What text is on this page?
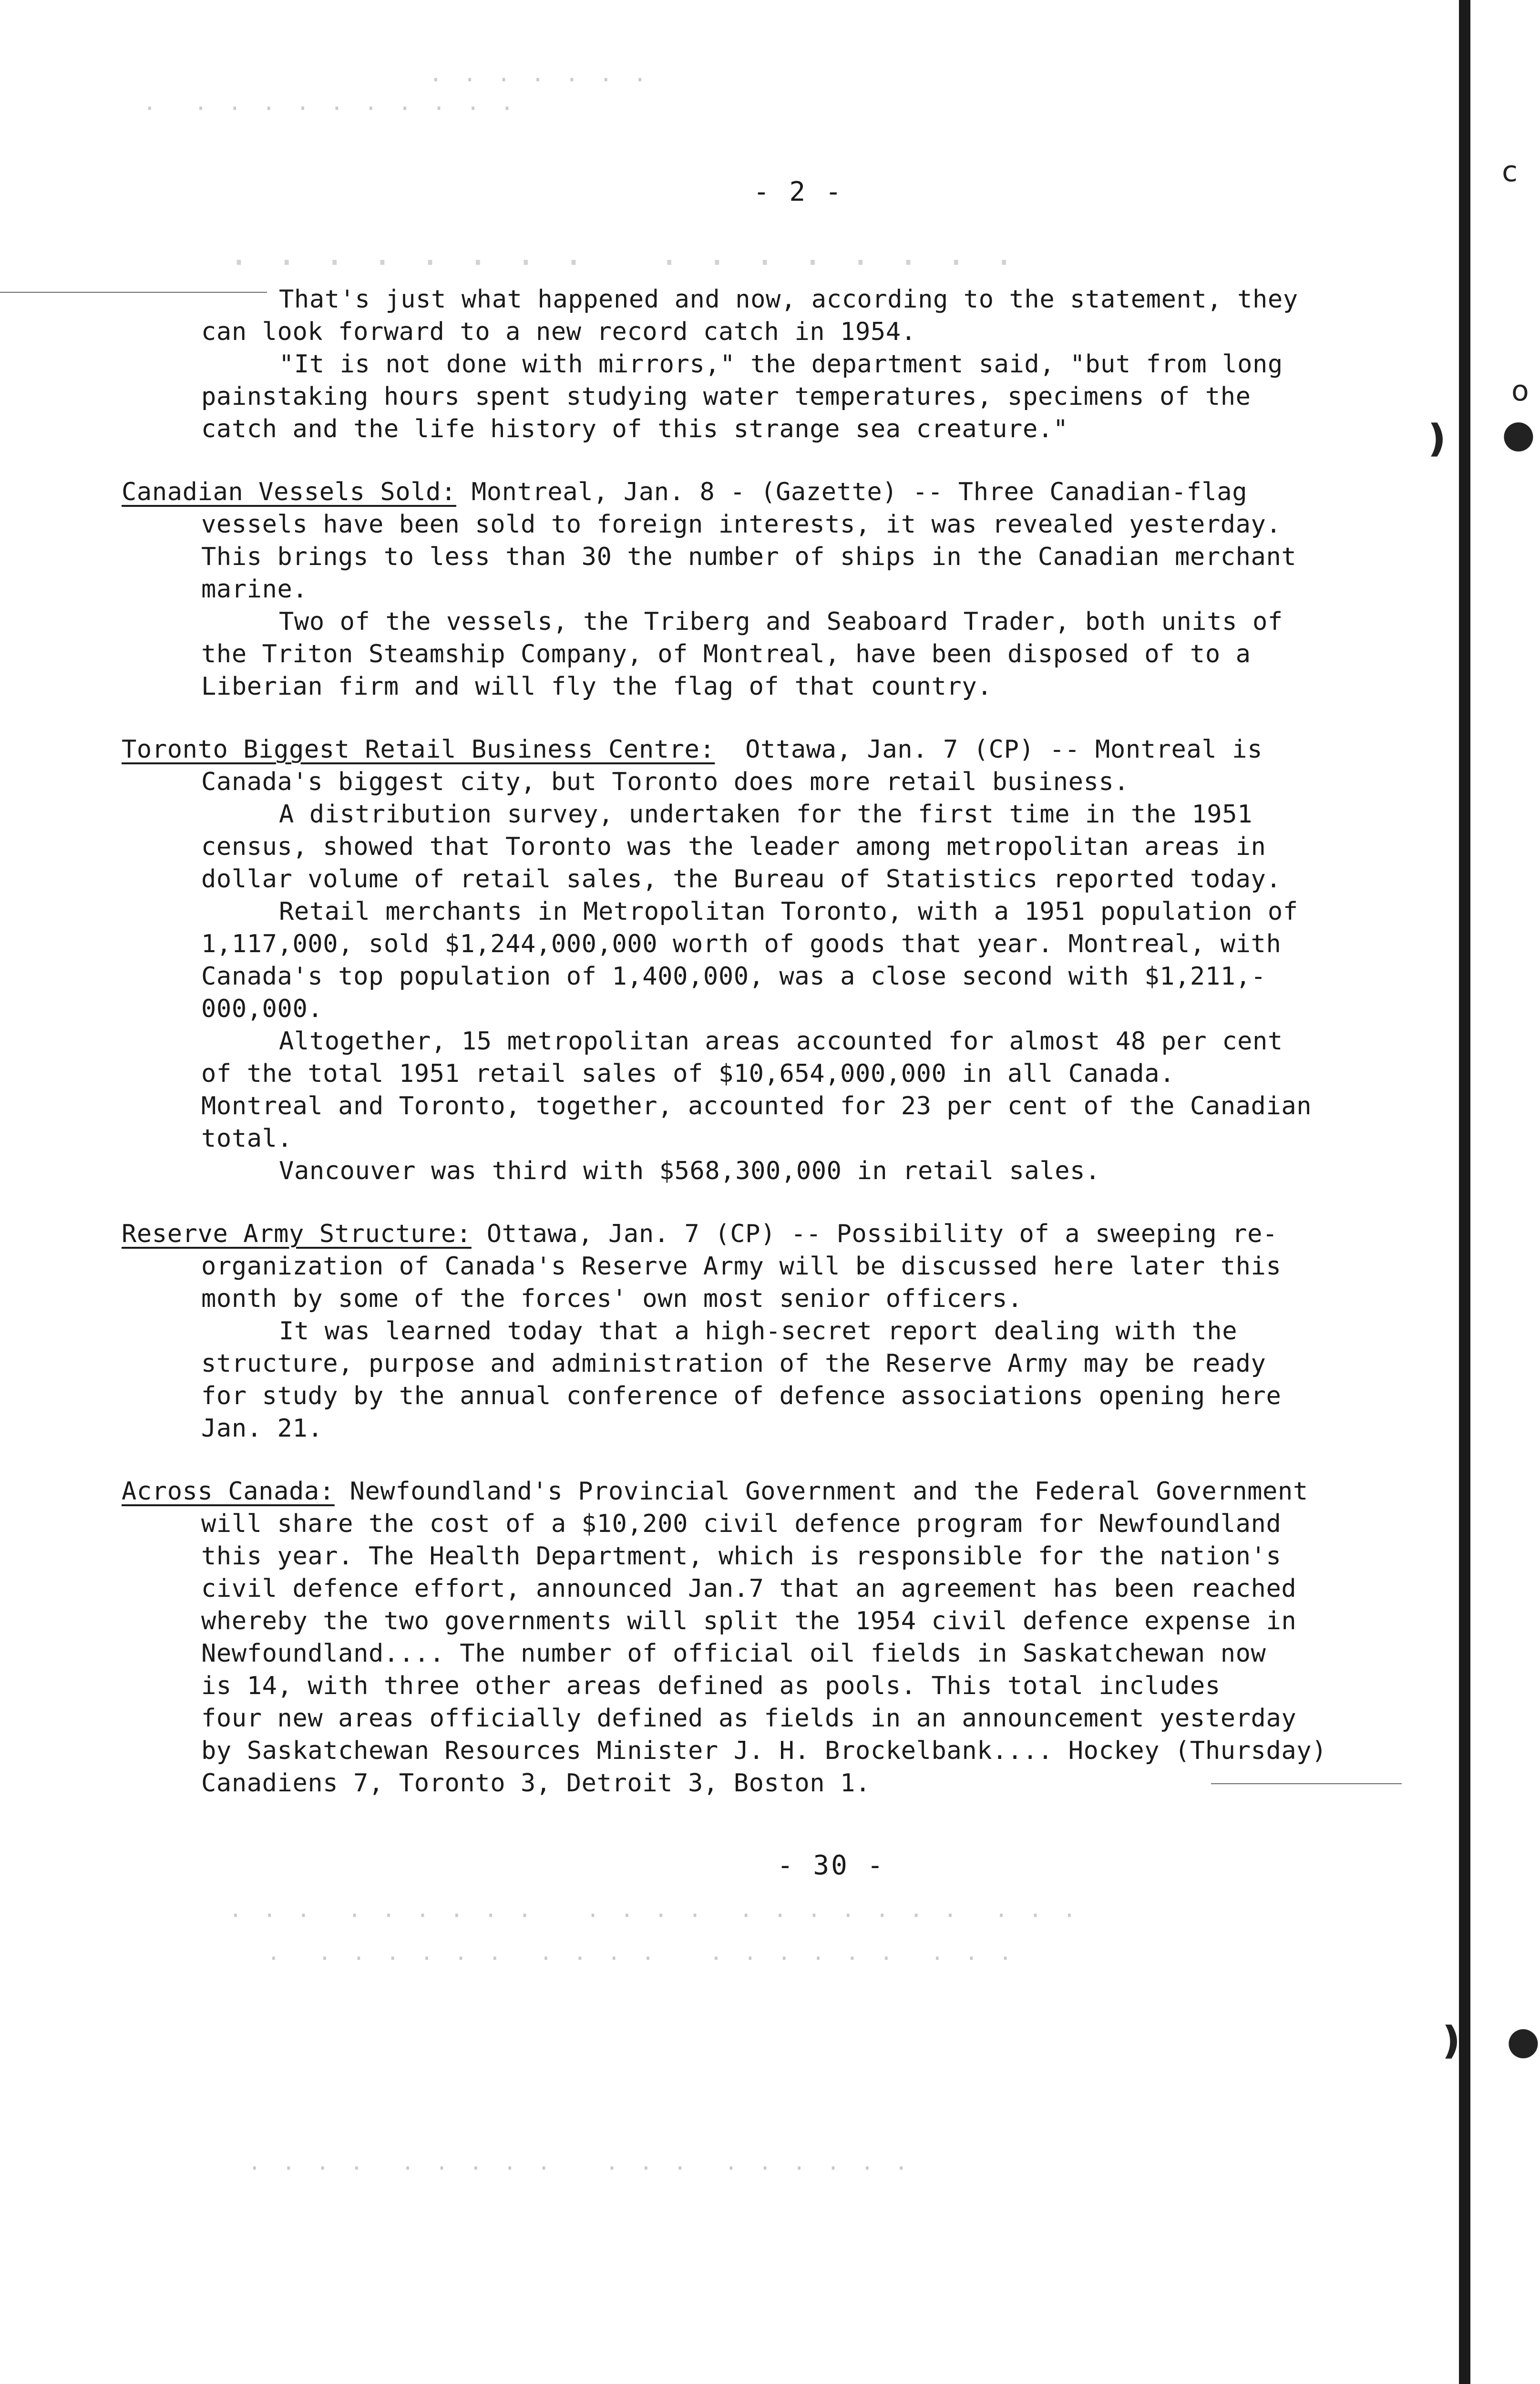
· · · · · · ·
·  · · · · · · · · · ·
· · · · · · · ·   · · · · · · · ·
c
o
❫ ●
❫ ●
- 2 -
That's just what happened and now, according to the statement, they
can look forward to a new record catch in 1954.
"It is not done with mirrors," the department said, "but from long
painstaking hours spent studying water temperatures, specimens of the
catch and the life history of this strange sea creature."
Canadian Vessels Sold: Montreal, Jan. 8 - (Gazette) -- Three Canadian-flag
vessels have been sold to foreign interests, it was revealed yesterday.
This brings to less than 30 the number of ships in the Canadian merchant
marine.
Two of the vessels, the Triberg and Seaboard Trader, both units of
the Triton Steamship Company, of Montreal, have been disposed of to a
Liberian firm and will fly the flag of that country.
Toronto Biggest Retail Business Centre:  Ottawa, Jan. 7 (CP) -- Montreal is
Canada's biggest city, but Toronto does more retail business.
A distribution survey, undertaken for the first time in the 1951
census, showed that Toronto was the leader among metropolitan areas in
dollar volume of retail sales, the Bureau of Statistics reported today.
Retail merchants in Metropolitan Toronto, with a 1951 population of
1,117,000, sold $1,244,000,000 worth of goods that year. Montreal, with
Canada's top population of 1,400,000, was a close second with $1,211,-
000,000.
Altogether, 15 metropolitan areas accounted for almost 48 per cent
of the total 1951 retail sales of $10,654,000,000 in all Canada.
Montreal and Toronto, together, accounted for 23 per cent of the Canadian
total.
Vancouver was third with $568,300,000 in retail sales.
Reserve Army Structure: Ottawa, Jan. 7 (CP) -- Possibility of a sweeping re-
organization of Canada's Reserve Army will be discussed here later this
month by some of the forces' own most senior officers.
It was learned today that a high-secret report dealing with the
structure, purpose and administration of the Reserve Army may be ready
for study by the annual conference of defence associations opening here
Jan. 21.
Across Canada: Newfoundland's Provincial Government and the Federal Government
will share the cost of a $10,200 civil defence program for Newfoundland
this year. The Health Department, which is responsible for the nation's
civil defence effort, announced Jan.7 that an agreement has been reached
whereby the two governments will split the 1954 civil defence expense in
Newfoundland.... The number of official oil fields in Saskatchewan now
is 14, with three other areas defined as pools. This total includes
four new areas officially defined as fields in an announcement yesterday
by Saskatchewan Resources Minister J. H. Brockelbank.... Hockey (Thursday)
Canadiens 7, Toronto 3, Detroit 3, Boston 1.
- 30 -
· · ·  · · · · · ·   · · · ·  · · · · · · ·  · · ·
·  · · · · · ·  · · · ·   · · · · · ·  · · ·
· · · ·  · · · · ·   · · ·  · · · · · ·
